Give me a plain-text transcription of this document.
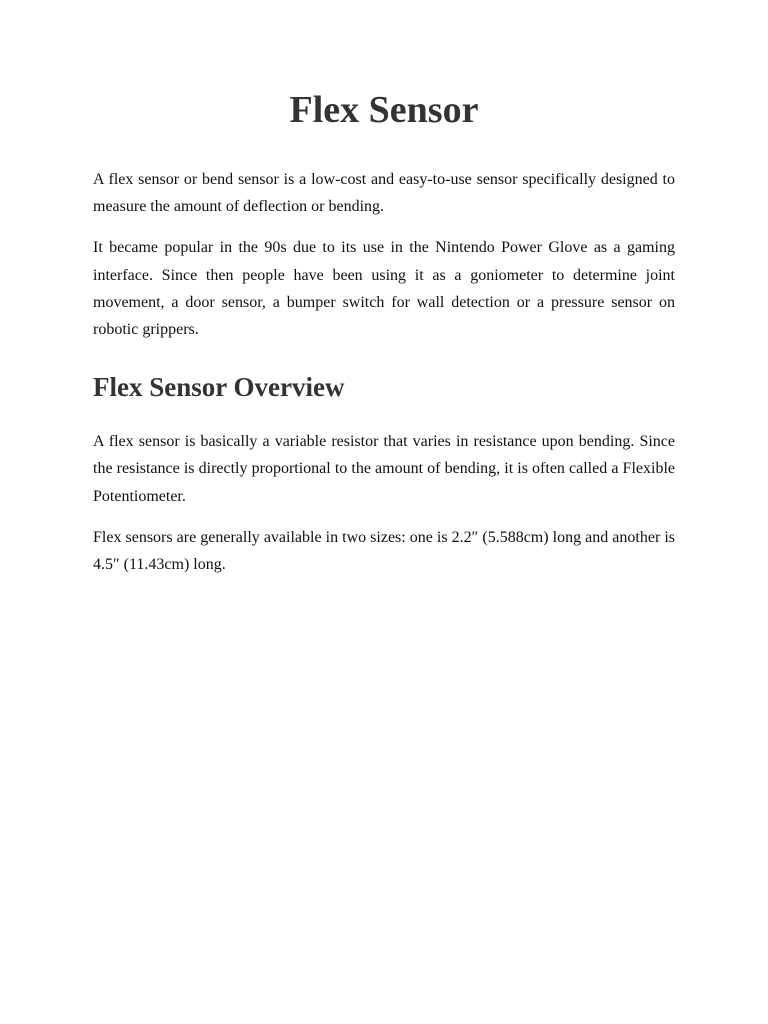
Flex Sensor

A flex sensor or bend sensor is a low-cost and easy-to-use sensor specifically designed to measure the amount of deflection or bending.

It became popular in the 90s due to its use in the Nintendo Power Glove as a gaming interface. Since then people have been using it as a goniometer to determine joint movement, a door sensor, a bumper switch for wall detection or a pressure sensor on robotic grippers.

Flex Sensor Overview

A flex sensor is basically a variable resistor that varies in resistance upon bending. Since the resistance is directly proportional to the amount of bending, it is often called a Flexible Potentiometer.

Flex sensors are generally available in two sizes: one is 2.2″ (5.588cm) long and another is 4.5″ (11.43cm) long.
